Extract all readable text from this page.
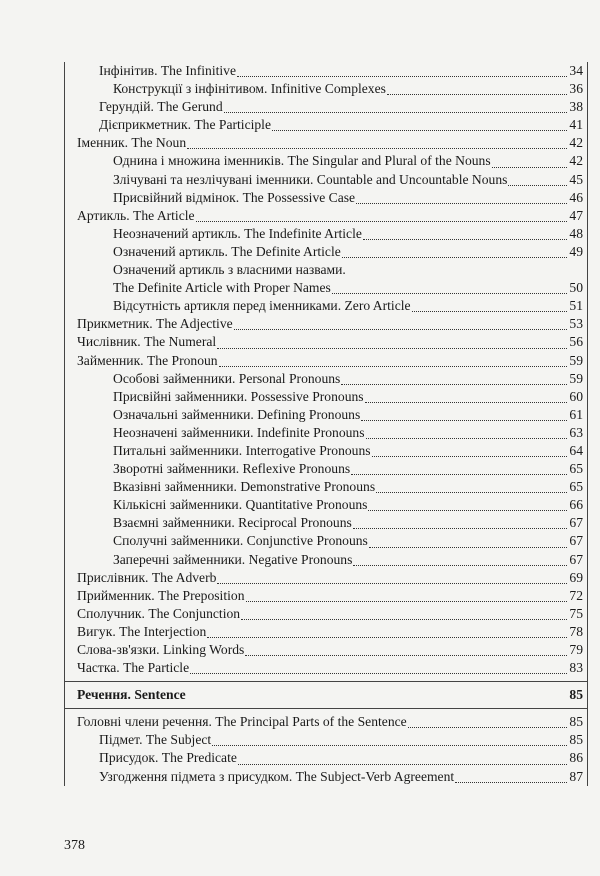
Інфінітив. The Infinitive	34
Конструкції з інфінітивом. Infinitive Complexes	36
Герундій. The Gerund	38
Дієприкметник. The Participle	41
Іменник. The Noun	42
Однина і множина іменників. The Singular and Plural of the Nouns	42
Злічувані та незлічувані іменники. Countable and Uncountable Nouns	45
Присвійний відмінок. The Possessive Case	46
Артикль. The Article	47
Неозначений артикль. The Indefinite Article	48
Означений артикль. The Definite Article	49
Означений артикль з власними назвами.
The Definite Article with Proper Names	50
Відсутність артикля перед іменниками. Zero Article	51
Прикметник. The Adjective	53
Числівник. The Numeral	56
Займенник. The Pronoun	59
Особові займенники. Personal Pronouns	59
Присвійні займенники. Possessive Pronouns	60
Означальні займенники. Defining Pronouns	61
Неозначені займенники. Indefinite Pronouns	63
Питальні займенники. Interrogative Pronouns	64
Зворотні займенники. Reflexive Pronouns	65
Вказівні займенники. Demonstrative Pronouns	65
Кількісні займенники. Quantitative Pronouns	66
Взаємні займенники. Reciprocal Pronouns	67
Сполучні займенники. Conjunctive Pronouns	67
Заперечні займенники. Negative Pronouns	67
Прислівник. The Adverb	69
Прийменник. The Preposition	72
Сполучник. The Conjunction	75
Вигук. The Interjection	78
Слова-зв'язки. Linking Words	79
Частка. The Particle	83
Речення. Sentence	85
Головні члени речення. The Principal Parts of the Sentence	85
Підмет. The Subject	85
Присудок. The Predicate	86
Узгодження підмета з присудком. The Subject-Verb Agreement	87
378
